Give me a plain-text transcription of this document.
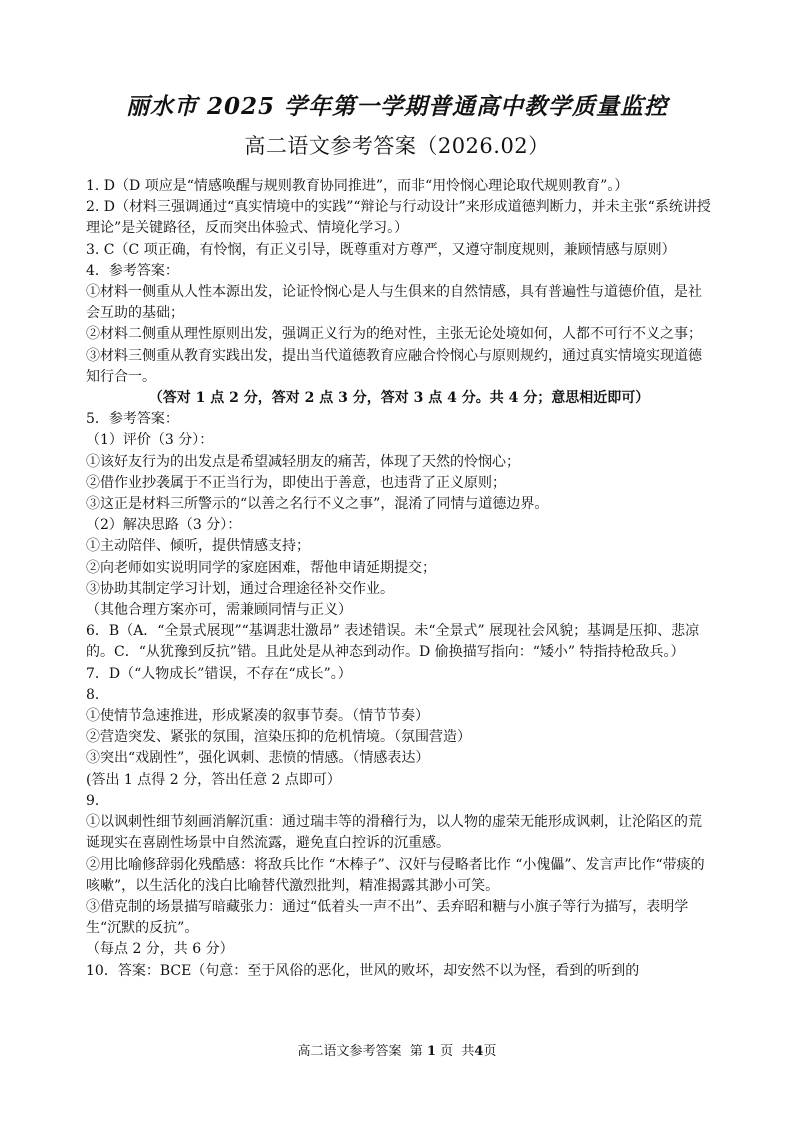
丽水市 2025 学年第一学期普通高中教学质量监控
高二语文参考答案（2026.02）

1. D（D 项应是“情感唤醒与规则教育协同推进”，而非“用怜悯心理论取代规则教育”。）

2. D（材料三强调通过“真实情境中的实践”“辩论与行动设计”来形成道德判断力，并未主张“系统讲授理论”是关键路径，反而突出体验式、情境化学习。）

3. C（C 项正确，有怜悯，有正义引导，既尊重对方尊严，又遵守制度规则，兼顾情感与原则）

4．参考答案：

①材料一侧重从人性本源出发，论证怜悯心是人与生俱来的自然情感，具有普遍性与道德价值，是社会互助的基础；

②材料二侧重从理性原则出发，强调正义行为的绝对性，主张无论处境如何，人都不可行不义之事；

③材料三侧重从教育实践出发，提出当代道德教育应融合怜悯心与原则规约，通过真实情境实现道德知行合一。

（答对 1 点 2 分，答对 2 点 3 分，答对 3 点 4 分。共 4 分；意思相近即可）

5．参考答案：

（1）评价（3 分）：

①该好友行为的出发点是希望减轻朋友的痛苦，体现了天然的怜悯心；

②借作业抄袭属于不正当行为，即使出于善意，也违背了正义原则；

③这正是材料三所警示的“以善之名行不义之事”，混淆了同情与道德边界。

（2）解决思路（3 分）：

①主动陪伴、倾听，提供情感支持；

②向老师如实说明同学的家庭困难，帮他申请延期提交；

③协助其制定学习计划，通过合理途径补交作业。

（其他合理方案亦可，需兼顾同情与正义）

6．B（A．“全景式展现”“基调悲壮激昂” 表述错误。未“全景式” 展现社会风貌；基调是压抑、悲凉的。C．“从犹豫到反抗”错。且此处是从神态到动作。D 偷换描写指向：“矮小” 特指持枪敌兵。）

7．D（“人物成长”错误，不存在“成长”。）

8．

①使情节急速推进，形成紧凑的叙事节奏。（情节节奏）

②营造突发、紧张的氛围，渲染压抑的危机情境。（氛围营造）

③突出“戏剧性”，强化讽刺、悲愤的情感。（情感表达）

(答出 1 点得 2 分，答出任意 2 点即可）

9．

①以讽刺性细节刻画消解沉重：通过瑞丰等的滑稽行为，以人物的虚荣无能形成讽刺，让沦陷区的荒诞现实在喜剧性场景中自然流露，避免直白控诉的沉重感。

②用比喻修辞弱化残酷感：将敌兵比作 “木棒子”、汉奸与侵略者比作 “小傀儡”、发言声比作“带痰的咳嗽”，以生活化的浅白比喻替代激烈批判，精准揭露其渺小可笑。

③借克制的场景描写暗藏张力：通过“低着头一声不出”、丢弃昭和糖与小旗子等行为描写，表明学生“沉默的反抗”。

（每点 2 分，共 6 分）

10．答案：BCE（句意：至于风俗的恶化，世风的败坏，却安然不以为怪，看到的听到的

高二语文参考答案 第 1 页 共4页
